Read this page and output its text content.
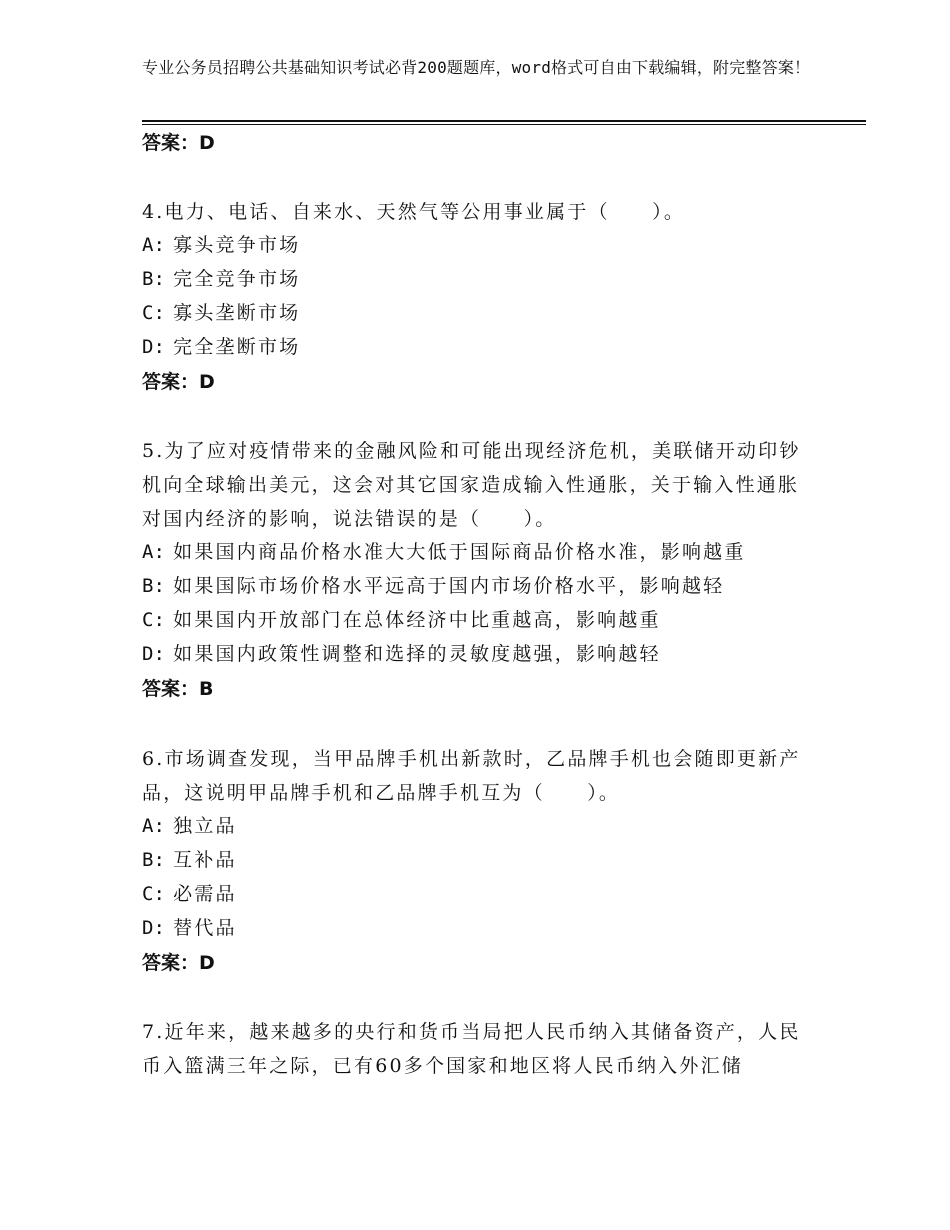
专业公务员招聘公共基础知识考试必背200题题库，word格式可自由下载编辑，附完整答案！
答案：D
4.电力、电话、自来水、天然气等公用事业属于（　　）。
A: 寡头竞争市场
B: 完全竞争市场
C: 寡头垄断市场
D: 完全垄断市场
答案：D
5.为了应对疫情带来的金融风险和可能出现经济危机，美联储开动印钞机向全球输出美元，这会对其它国家造成输入性通胀，关于输入性通胀对国内经济的影响，说法错误的是（　　）。
A: 如果国内商品价格水准大大低于国际商品价格水准，影响越重
B: 如果国际市场价格水平远高于国内市场价格水平，影响越轻
C: 如果国内开放部门在总体经济中比重越高，影响越重
D: 如果国内政策性调整和选择的灵敏度越强，影响越轻
答案：B
6.市场调查发现，当甲品牌手机出新款时，乙品牌手机也会随即更新产品，这说明甲品牌手机和乙品牌手机互为（　　）。
A: 独立品
B: 互补品
C: 必需品
D: 替代品
答案：D
7.近年来，越来越多的央行和货币当局把人民币纳入其储备资产，人民币入篮满三年之际，已有60多个国家和地区将人民币纳入外汇储
